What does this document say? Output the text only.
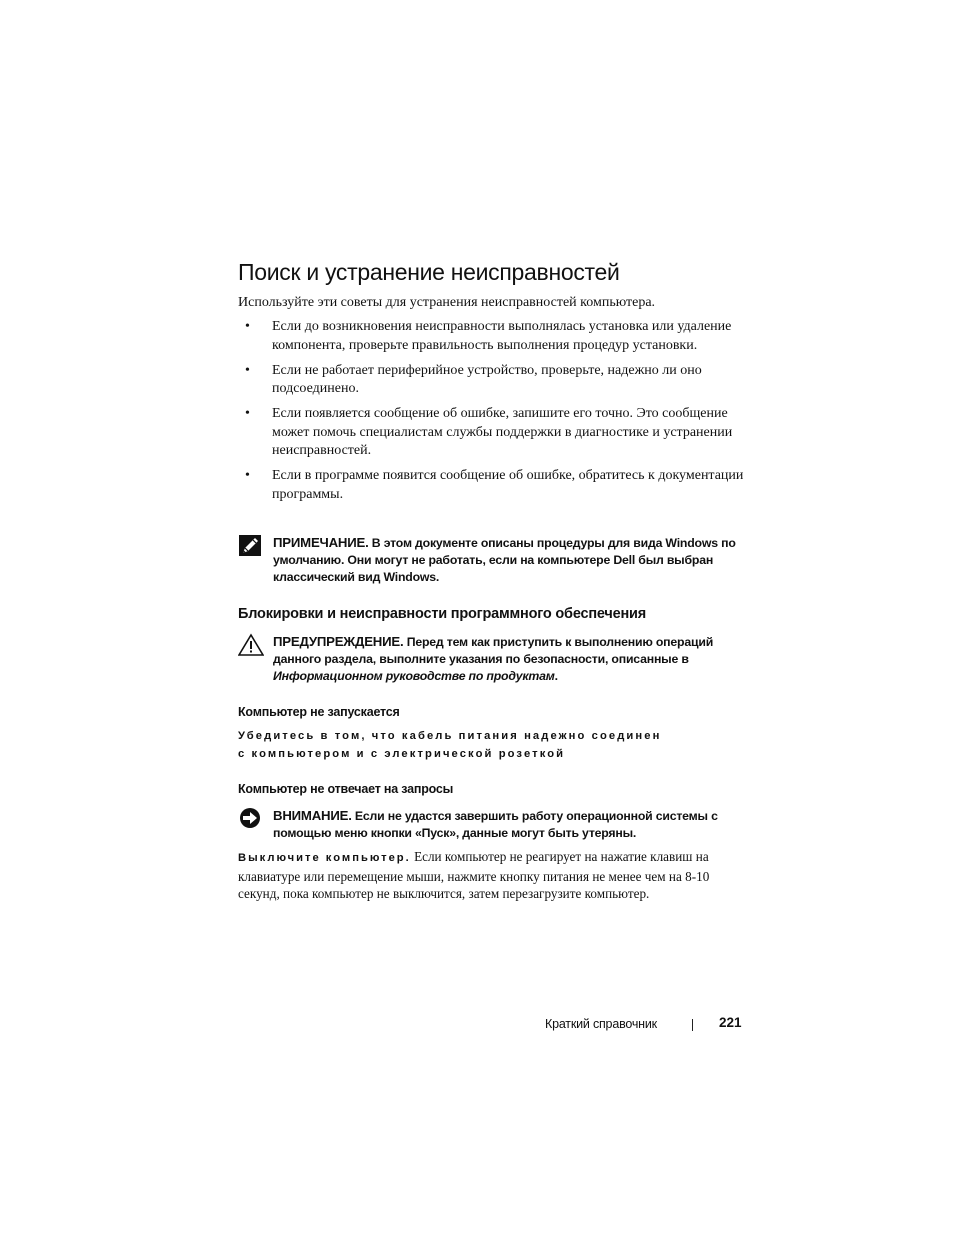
Поиск и устранение неисправностей
Используйте эти советы для устранения неисправностей компьютера.
• Если до возникновения неисправности выполнялась установка или удаление компонента, проверьте правильность выполнения процедур установки.
• Если не работает периферийное устройство, проверьте, надежно ли оно подсоединено.
• Если появляется сообщение об ошибке, запишите его точно. Это сообщение может помочь специалистам службы поддержки в диагностике и устранении неисправностей.
• Если в программе появится сообщение об ошибке, обратитесь к документации программы.
ПРИМЕЧАНИЕ. В этом документе описаны процедуры для вида Windows по умолчанию. Они могут не работать, если на компьютере Dell был выбран классический вид Windows.
Блокировки и неисправности программного обеспечения
ПРЕДУПРЕЖДЕНИЕ. Перед тем как приступить к выполнению операций данного раздела, выполните указания по безопасности, описанные в Информационном руководстве по продуктам.
Компьютер не запускается
Убедитесь в том, что кабель питания надежно соединен
с компьютером и с электрической розеткой
Компьютер не отвечает на запросы
ВНИМАНИЕ. Если не удастся завершить работу операционной системы с помощью меню кнопки «Пуск», данные могут быть утеряны.
Выключите компьютер. Если компьютер не реагирует на нажатие клавиш на клавиатуре или перемещение мыши, нажмите кнопку питания не менее чем на 8-10 секунд, пока компьютер не выключится, затем перезагрузите компьютер.
Краткий справочник	221
